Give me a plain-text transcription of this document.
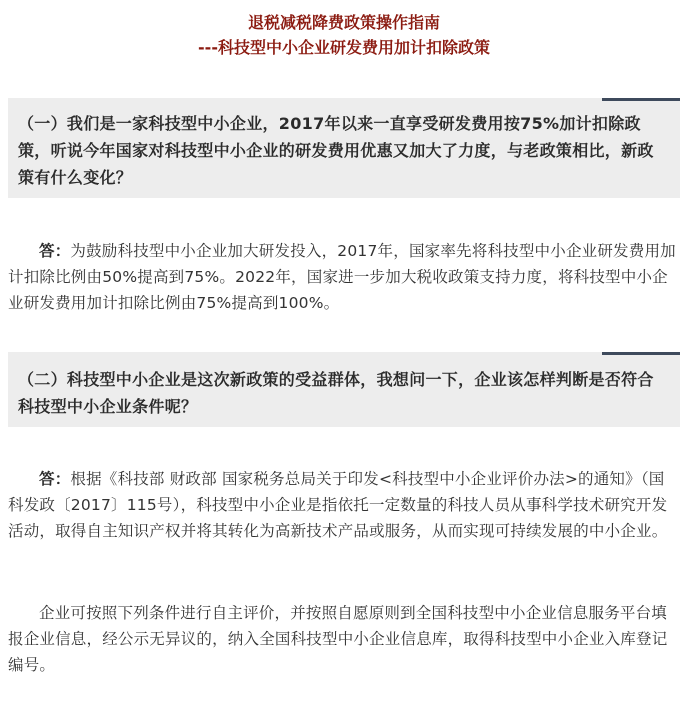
退税减税降费政策操作指南
---科技型中小企业研发费用加计扣除政策
（一）我们是一家科技型中小企业，2017年以来一直享受研发费用按75%加计扣除政策，听说今年国家对科技型中小企业的研发费用优惠又加大了力度，与老政策相比，新政策有什么变化？
答：为鼓励科技型中小企业加大研发投入，2017年，国家率先将科技型中小企业研发费用加计扣除比例由50%提高到75%。2022年，国家进一步加大税收政策支持力度，将科技型中小企业研发费用加计扣除比例由75%提高到100%。
（二）科技型中小企业是这次新政策的受益群体，我想问一下，企业该怎样判断是否符合科技型中小企业条件呢？
答：根据《科技部 财政部 国家税务总局关于印发<科技型中小企业评价办法>的通知》（国科发政〔2017〕115号），科技型中小企业是指依托一定数量的科技人员从事科学技术研究开发活动，取得自主知识产权并将其转化为高新技术产品或服务，从而实现可持续发展的中小企业。
企业可按照下列条件进行自主评价，并按照自愿原则到全国科技型中小企业信息服务平台填报企业信息，经公示无异议的，纳入全国科技型中小企业信息库，取得科技型中小企业入库登记编号。
